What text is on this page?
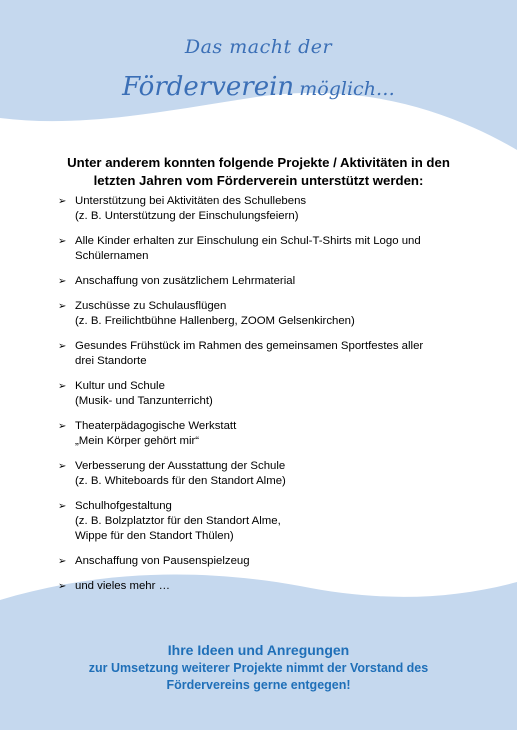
Das macht der
Förderverein möglich…
Unter anderem konnten folgende Projekte / Aktivitäten in den
letzten Jahren vom Förderverein unterstützt werden:
➢ Unterstützung bei Aktivitäten des Schullebens
(z. B. Unterstützung der Einschulungsfeiern)
➢ Alle Kinder erhalten zur Einschulung ein Schul-T-Shirts mit Logo und
Schülernamen
➢ Anschaffung von zusätzlichem Lehrmaterial
➢ Zuschüsse zu Schulausflügen
(z. B. Freilichtbühne Hallenberg, ZOOM Gelsenkirchen)
➢ Gesundes Frühstück im Rahmen des gemeinsamen Sportfestes aller
drei Standorte
➢ Kultur und Schule
(Musik- und Tanzunterricht)
➢ Theaterpädagogische Werkstatt
„Mein Körper gehört mir“
➢ Verbesserung der Ausstattung der Schule
(z. B. Whiteboards für den Standort Alme)
➢ Schulhofgestaltung
(z. B. Bolzplatztor für den Standort Alme,
Wippe für den Standort Thülen)
➢ Anschaffung von Pausenspielzeug
➢ und vieles mehr …
Ihre Ideen und Anregungen
zur Umsetzung weiterer Projekte nimmt der Vorstand des
Fördervereins gerne entgegen!
